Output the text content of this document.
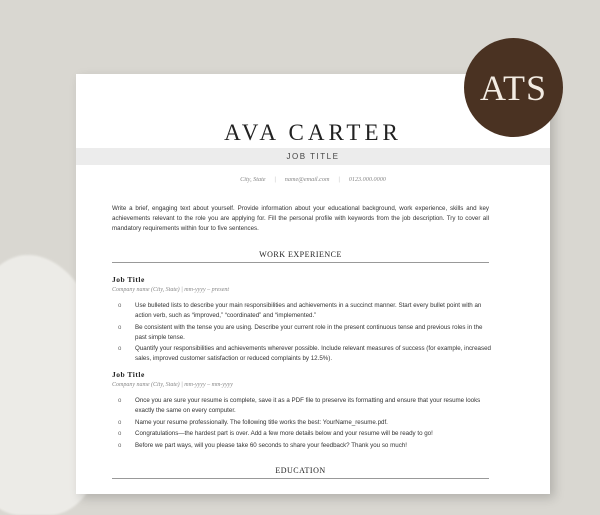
AVA CARTER
JOB TITLE
City, State | name@email.com | 0123.000.0000
Write a brief, engaging text about yourself. Provide information about your educational background, work experience, skills and key achievements relevant to the role you are applying for. Fill the personal profile with keywords from the job description. Try to cover all mandatory requirements within four to five sentences.
WORK EXPERIENCE
Job Title
Company name (City, State) | mm-yyyy – present
o Use bulleted lists to describe your main responsibilities and achievements in a succinct manner. Start every bullet point with an action verb, such as “improved,” “coordinated” and “implemented.”
o Be consistent with the tense you are using. Describe your current role in the present continuous tense and previous roles in the past simple tense.
o Quantify your responsibilities and achievements wherever possible. Include relevant measures of success (for example, increased sales, improved customer satisfaction or reduced complaints by 12.5%).
Job Title
Company name (City, State) | mm-yyyy – mm-yyyy
o Once you are sure your resume is complete, save it as a PDF file to preserve its formatting and ensure that your resume looks exactly the same on every computer.
o Name your resume professionally. The following title works the best: YourName_resume.pdf.
o Congratulations—the hardest part is over. Add a few more details below and your resume will be ready to go!
o Before we part ways, will you please take 60 seconds to share your feedback? Thank you so much!
EDUCATION
ATS
